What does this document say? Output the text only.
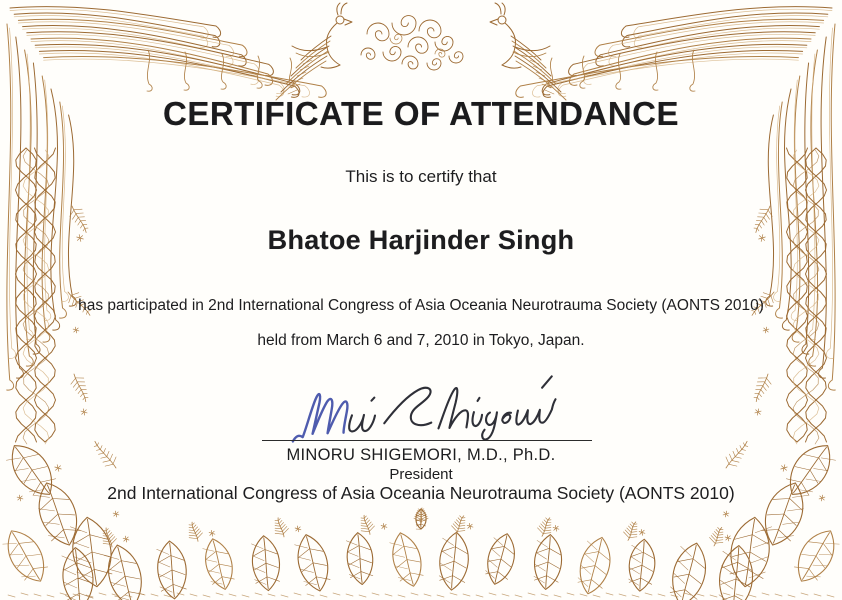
CERTIFICATE OF ATTENDANCE

This is to certify that

Bhatoe Harjinder Singh

has participated in 2nd International Congress of Asia Oceania Neurotrauma Society (AONTS 2010)

held from March 6 and 7, 2010 in Tokyo, Japan.

MINORU SHIGEMORI, M.D., Ph.D.

President

2nd International Congress of Asia Oceania Neurotrauma Society (AONTS 2010)
